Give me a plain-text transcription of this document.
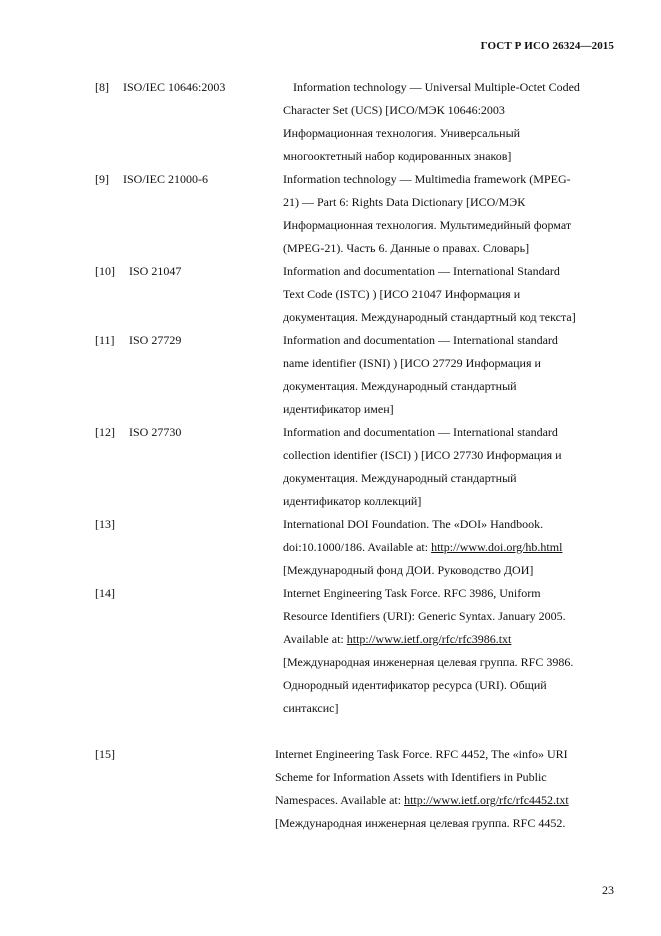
ГОСТ Р ИСО 26324—2015
[8] ISO/IEC 10646:2003	Information technology — Universal Multiple-Octet Coded
Character Set (UCS) [ИСО/МЭК 10646:2003
Информационная технология. Универсальный
многооктетный набор кодированных знаков]
[9] ISO/IEC 21000-6	Information technology — Multimedia framework (MPEG-
21) — Part 6: Rights Data Dictionary [ИСО/МЭК
Информационная технология. Мультимедийный формат
(MPEG-21). Часть 6. Данные о правах. Словарь]
[10] ISO 21047	Information and documentation — International Standard
Text Code (ISTC) ) [ИСО 21047 Информация и
документация. Международный стандартный код текста]
[11] ISO 27729	Information and documentation — International standard
name identifier (ISNI) ) [ИСО 27729 Информация и
документация. Международный стандартный
идентификатор имен]
[12] ISO 27730	Information and documentation — International standard
collection identifier (ISCI) ) [ИСО 27730 Информация и
документация. Международный стандартный
идентификатор коллекций]
[13]	International DOI Foundation. The «DOI» Handbook.
doi:10.1000/186. Available at: http://www.doi.org/hb.html
[Международный фонд ДОИ. Руководство ДОИ]
[14]	Internet Engineering Task Force. RFC 3986, Uniform
Resource Identifiers (URI): Generic Syntax. January 2005.
Available at: http://www.ietf.org/rfc/rfc3986.txt
[Международная инженерная целевая группа. RFC 3986.
Однородный идентификатор ресурса (URI). Общий
синтаксис]
[15]	Internet Engineering Task Force. RFC 4452, The «info» URI
Scheme for Information Assets with Identifiers in Public
Namespaces. Available at: http://www.ietf.org/rfc/rfc4452.txt
[Международная инженерная целевая группа. RFC 4452.
23
